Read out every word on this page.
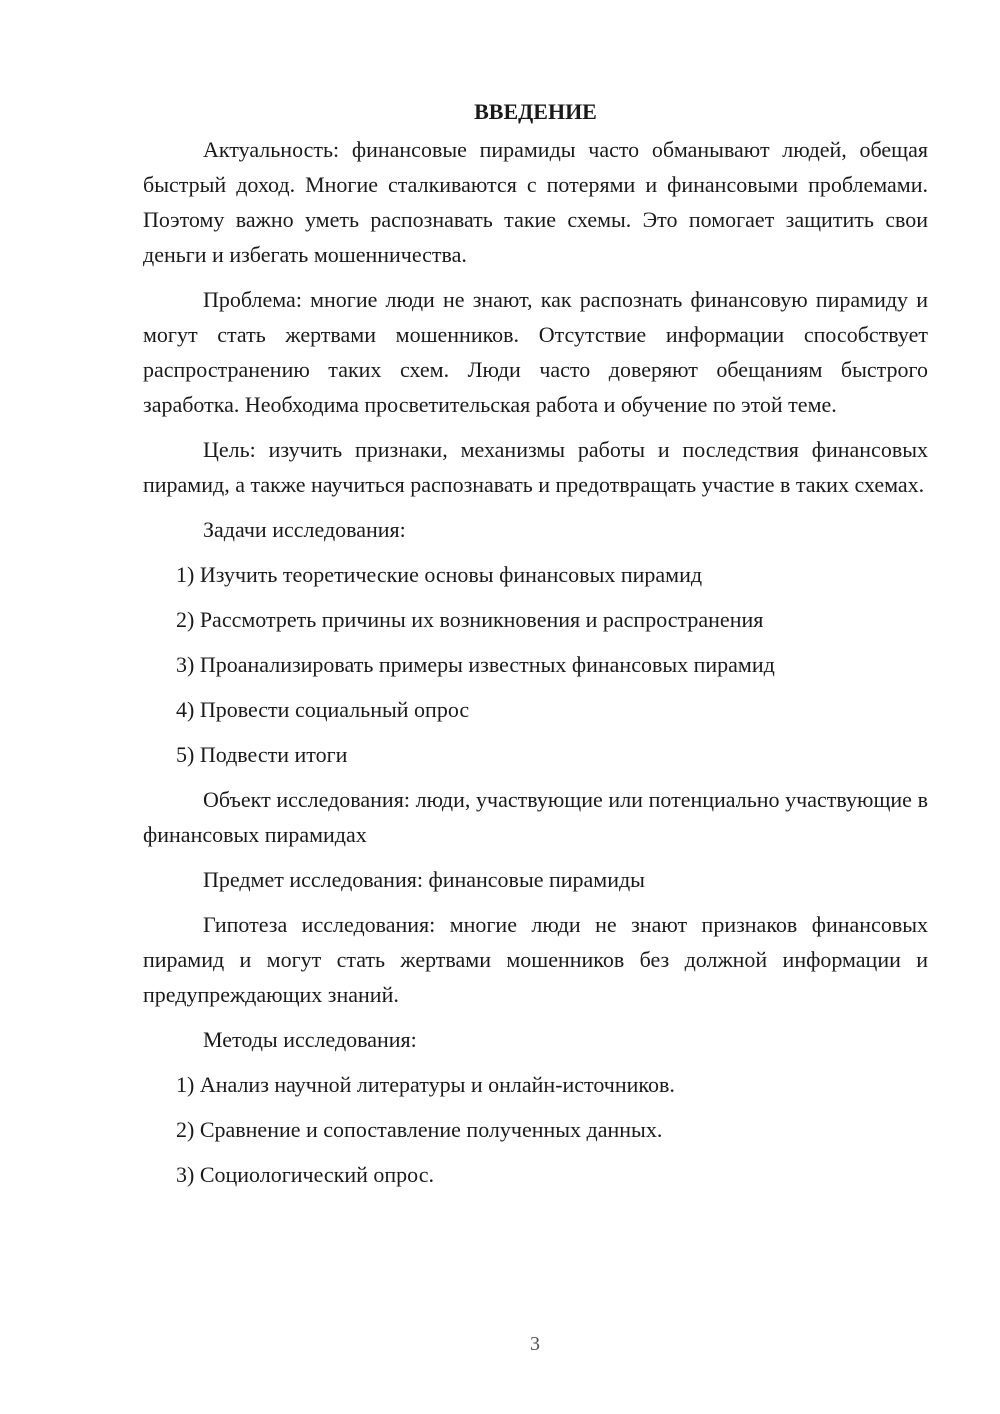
ВВЕДЕНИЕ

Актуальность: финансовые пирамиды часто обманывают людей, обещая быстрый доход. Многие сталкиваются с потерями и финансовыми проблемами. Поэтому важно уметь распознавать такие схемы. Это помогает защитить свои деньги и избегать мошенничества.

Проблема: многие люди не знают, как распознать финансовую пирамиду и могут стать жертвами мошенников. Отсутствие информации способствует распространению таких схем. Люди часто доверяют обещаниям быстрого заработка. Необходима просветительская работа и обучение по этой теме.

Цель: изучить признаки, механизмы работы и последствия финансовых пирамид, а также научиться распознавать и предотвращать участие в таких схемах.

Задачи исследования:
1) Изучить теоретические основы финансовых пирамид
2) Рассмотреть причины их возникновения и распространения
3) Проанализировать примеры известных финансовых пирамид
4) Провести социальный опрос
5) Подвести итоги

Объект исследования: люди, участвующие или потенциально участвующие в финансовых пирамидах

Предмет исследования: финансовые пирамиды

Гипотеза исследования: многие люди не знают признаков финансовых пирамид и могут стать жертвами мошенников без должной информации и предупреждающих знаний.

Методы исследования:
1) Анализ научной литературы и онлайн-источников.
2) Сравнение и сопоставление полученных данных.
3) Социологический опрос.
3
